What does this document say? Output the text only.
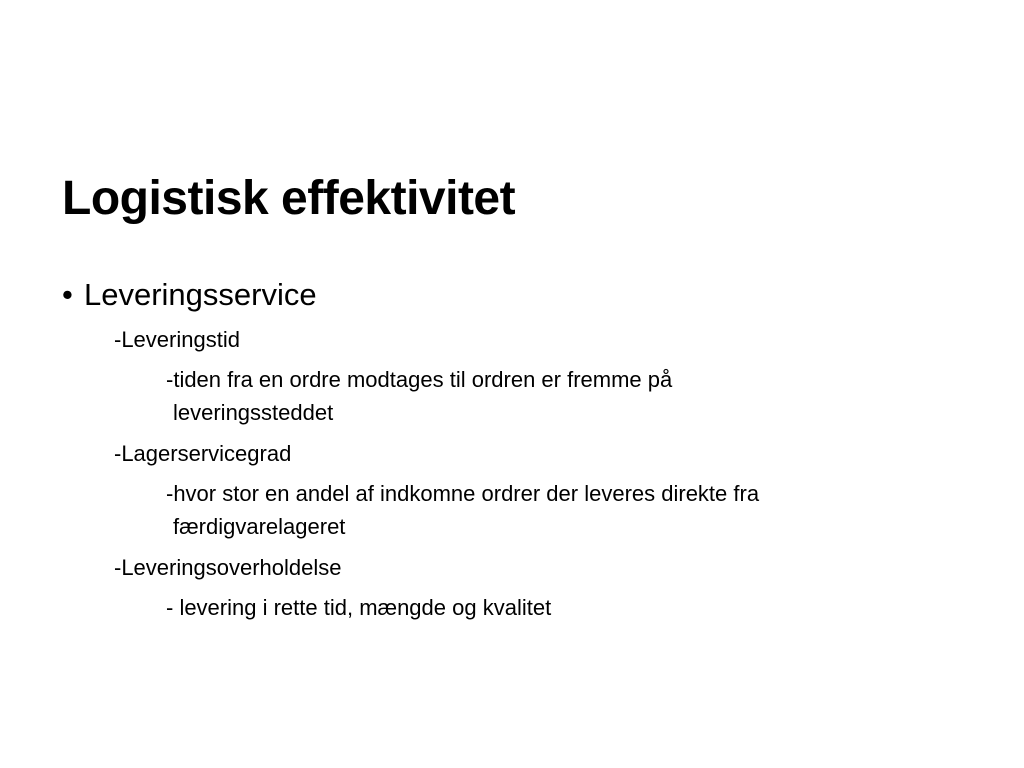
Logistisk effektivitet
• Leveringsservice
-Leveringstid
-tiden fra en ordre modtages til ordren er fremme på
leveringssteddet
-Lagerservicegrad
-hvor stor en andel af indkomne ordrer der leveres direkte fra
færdigvarelageret
-Leveringsoverholdelse
- levering i rette tid, mængde og kvalitet
